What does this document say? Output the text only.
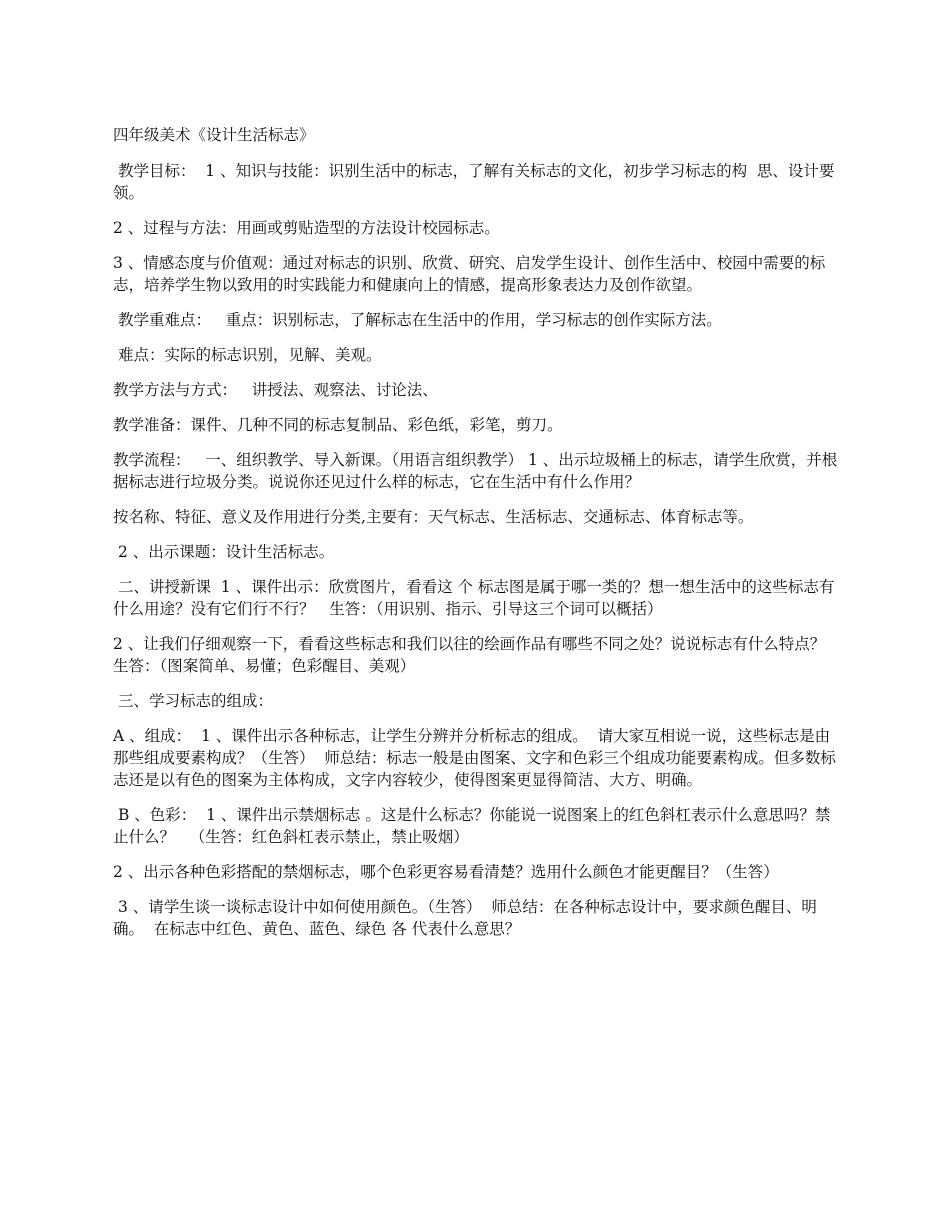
四年级美术《设计生活标志》

教学目标：  1 、知识与技能：识别生活中的标志，了解有关标志的文化，初步学习标志的构  思、设计要领。

2 、过程与方法：用画或剪贴造型的方法设计校园标志。

3 、情感态度与价值观：通过对标志的识别、欣赏、研究、启发学生设计、创作生活中、校园中需要的标志，培养学生物以致用的时实践能力和健康向上的情感，提高形象表达力及创作欲望。

教学重难点：   重点：识别标志，了解标志在生活中的作用，学习标志的创作实际方法。

难点：实际的标志识别，见解、美观。

教学方法与方式：   讲授法、观察法、讨论法、

教学准备：课件、几种不同的标志复制品、彩色纸，彩笔，剪刀。

教学流程：   一、组织教学、导入新课。（用语言组织教学） 1 、出示垃圾桶上的标志，请学生欣赏，并根据标志进行垃圾分类。说说你还见过什么样的标志，它在生活中有什么作用？

按名称、特征、意义及作用进行分类,主要有：天气标志、生活标志、交通标志、体育标志等。

2 、出示课题：设计生活标志。

二、讲授新课  1 、课件出示：欣赏图片，看看这 个 标志图是属于哪一类的？想一想生活中的这些标志有什么用途？没有它们行不行？   生答：（用识别、指示、引导这三个词可以概括）

2 、让我们仔细观察一下，看看这些标志和我们以往的绘画作品有哪些不同之处？说说标志有什么特点？   生答：（图案简单、易懂；色彩醒目、美观）

三、学习标志的组成：

A 、组成：  1 、课件出示各种标志，让学生分辨并分析标志的组成。  请大家互相说一说，这些标志是由那些组成要素构成？（生答）  师总结：标志一般是由图案、文字和色彩三个组成功能要素构成。但多数标志还是以有色的图案为主体构成，文字内容较少，使得图案更显得简洁、大方、明确。

B 、色彩：  1 、课件出示禁烟标志 。这是什么标志？你能说一说图案上的红色斜杠表示什么意思吗？禁止什么？   （生答：红色斜杠表示禁止，禁止吸烟）

2 、出示各种色彩搭配的禁烟标志，哪个色彩更容易看清楚？选用什么颜色才能更醒目？（生答）

3 、请学生谈一谈标志设计中如何使用颜色。（生答）  师总结：在各种标志设计中，要求颜色醒目、明确。  在标志中红色、黄色、蓝色、绿色 各 代表什么意思？
